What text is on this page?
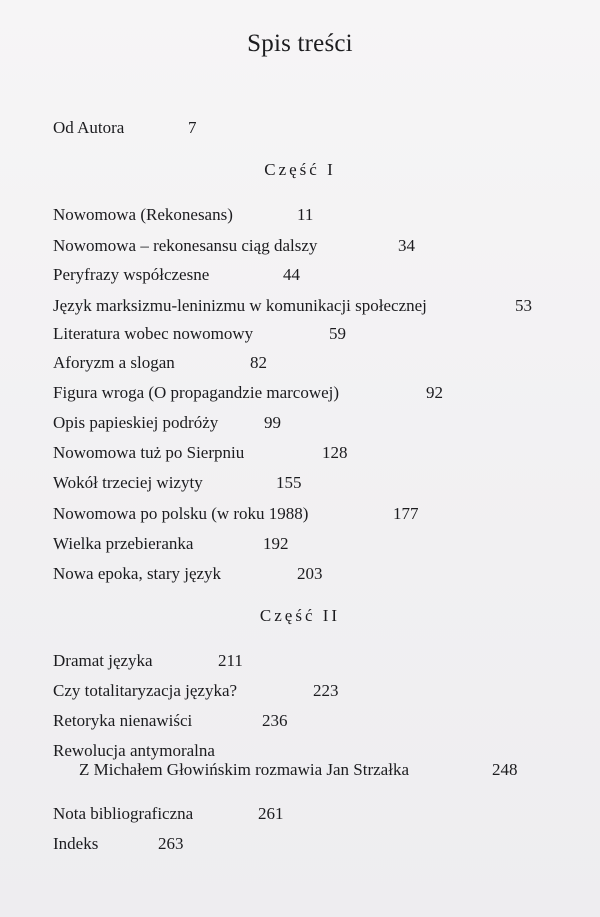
Spis treści
Od Autora	7
Część I
Nowomowa (Rekonesans)	11
Nowomowa – rekonesansu ciąg dalszy	34
Peryfrazy współczesne	44
Język marksizmu-leninizmu w komunikacji społecznej	53
Literatura wobec nowomowy	59
Aforyzm a slogan	82
Figura wroga (O propagandzie marcowej)	92
Opis papieskiej podróży	99
Nowomowa tuż po Sierpniu	128
Wokół trzeciej wizyty	155
Nowomowa po polsku (w roku 1988)	177
Wielka przebieranka	192
Nowa epoka, stary język	203
Część II
Dramat języka	211
Czy totalitaryzacja języka?	223
Retoryka nienawiści	236
Rewolucja antymoralna
Z Michałem Głowińskim rozmawia Jan Strzałka	248
Nota bibliograficzna	261
Indeks	263
